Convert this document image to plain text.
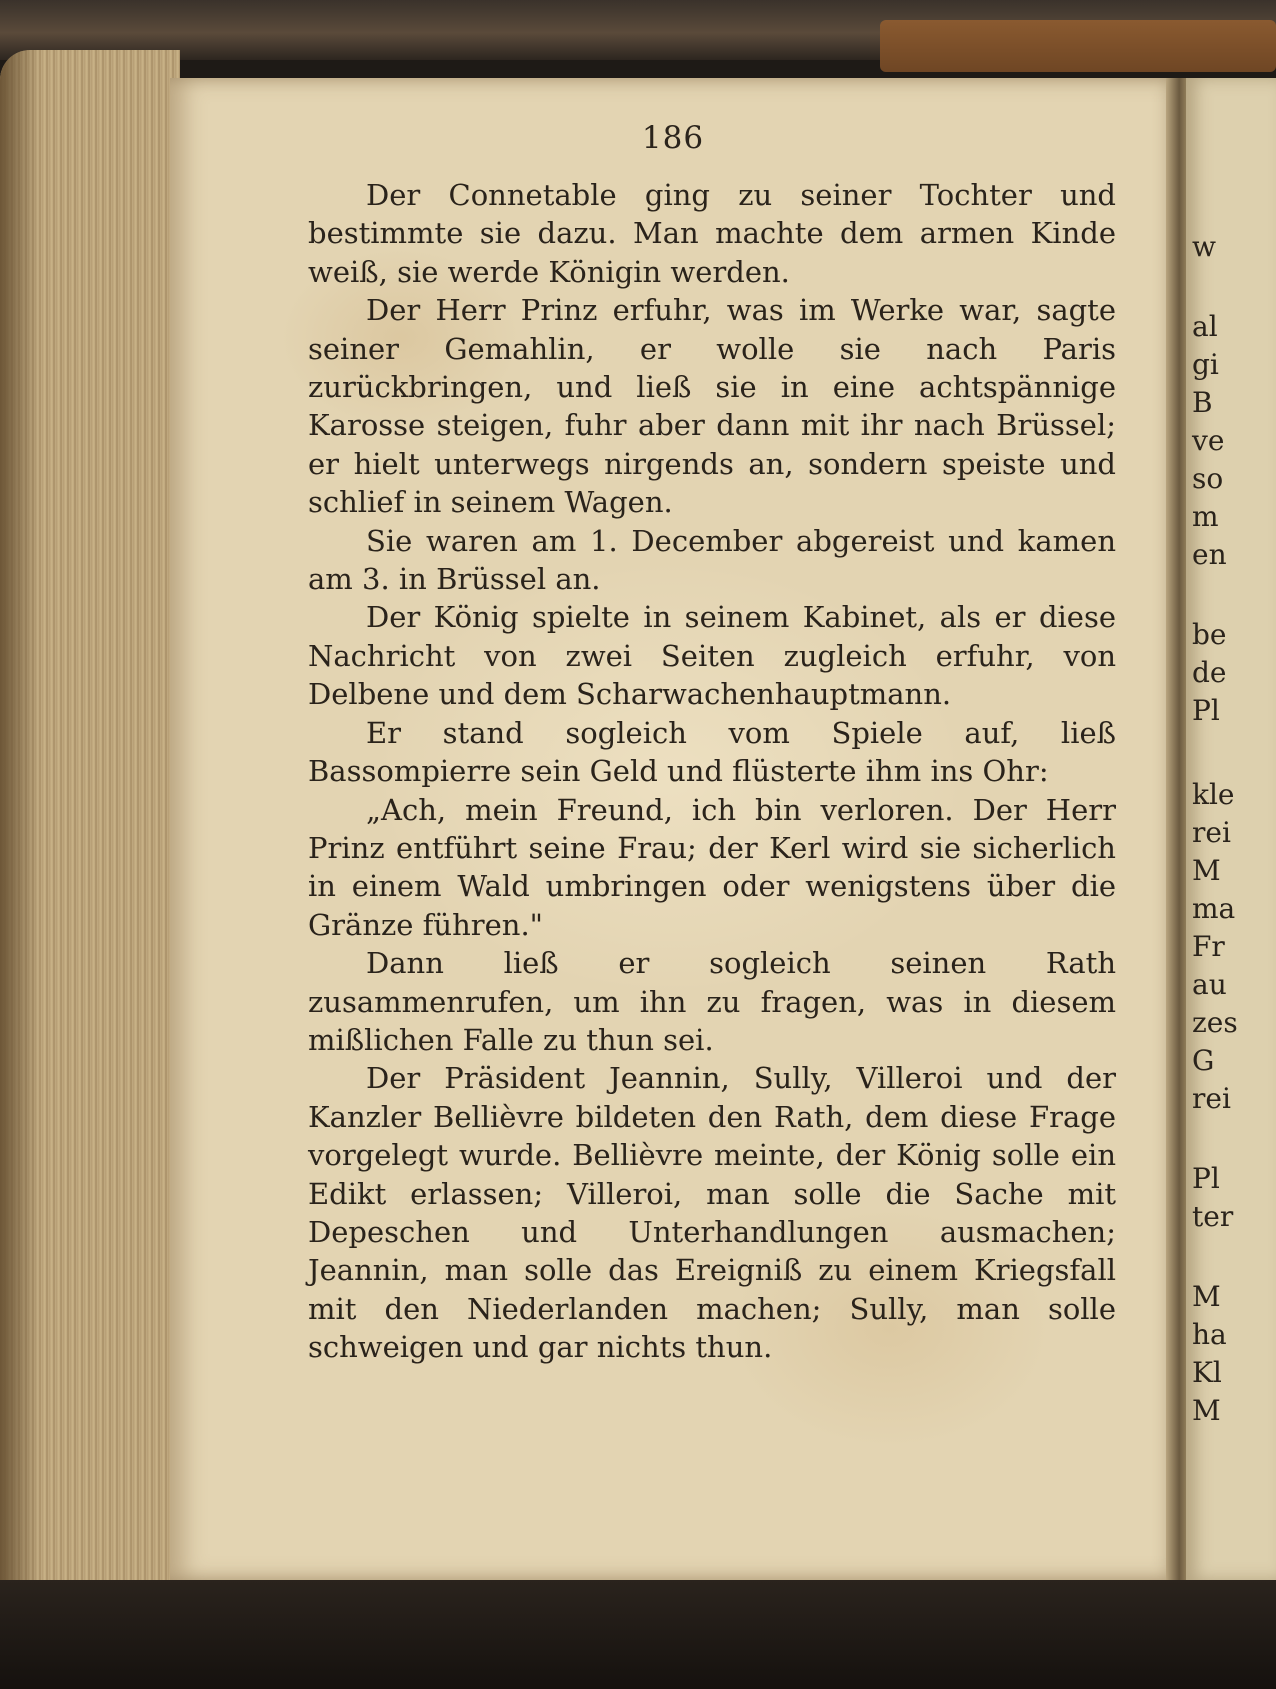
186

Der Connetable ging zu seiner Tochter und bestimmte sie dazu. Man machte dem armen Kinde weiß, sie werde Königin werden.

Der Herr Prinz erfuhr, was im Werke war, sagte seiner Gemahlin, er wolle sie nach Paris zurückbringen, und ließ sie in eine achtspännige Karosse steigen, fuhr aber dann mit ihr nach Brüssel; er hielt unterwegs nirgends an, sondern speiste und schlief in seinem Wagen.

Sie waren am 1. December abgereist und kamen am 3. in Brüssel an.

Der König spielte in seinem Kabinet, als er diese Nachricht von zwei Seiten zugleich erfuhr, von Delbene und dem Scharwachenhauptmann.

Er stand sogleich vom Spiele auf, ließ Bassompierre sein Geld und flüsterte ihm ins Ohr:

„Ach, mein Freund, ich bin verloren. Der Herr Prinz entführt seine Frau; der Kerl wird sie sicherlich in einem Wald umbringen oder wenigstens über die Gränze führen."

Dann ließ er sogleich seinen Rath zusammenrufen, um ihn zu fragen, was in diesem mißlichen Falle zu thun sei.

Der Präsident Jeannin, Sully, Villeroi und der Kanzler Bellièvre bildeten den Rath, dem diese Frage vorgelegt wurde. Bellièvre meinte, der König solle ein Edikt erlassen; Villeroi, man solle die Sache mit Depeschen und Unterhandlungen ausmachen; Jeannin, man solle das Ereigniß zu einem Kriegsfall mit den Niederlanden machen; Sully, man solle schweigen und gar nichts thun.

w
al
gi
B
ve
so
m
en
be
de
Pl
kle
rei
M
ma
Fr
au
zes
G
rei
Pl
ter
M
ha
Kl
M
